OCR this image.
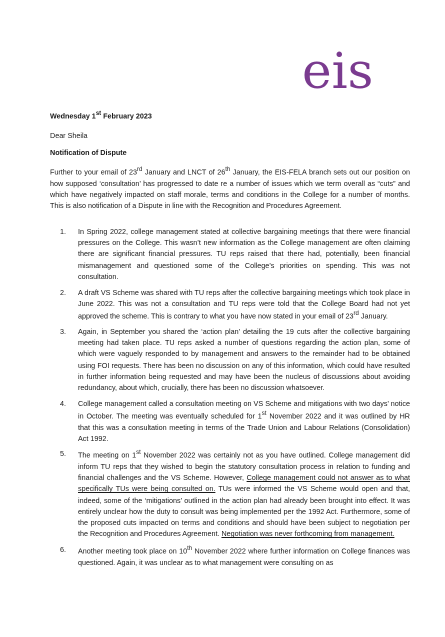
eis
Wednesday 1st February 2023
Dear Sheila
Notification of Dispute

Further to your email of 23rd January and LNCT of 26th January, the EIS-FELA branch sets out our position on how supposed ‘consultation’ has progressed to date re a number of issues which we term overall as “cuts” and which have negatively impacted on staff morale, terms and conditions in the College for a number of months. This is also notification of a Dispute in line with the Recognition and Procedures Agreement.

1. In Spring 2022, college management stated at collective bargaining meetings that there were financial pressures on the College. This wasn’t new information as the College management are often claiming there are significant financial pressures. TU reps raised that there had, potentially, been financial mismanagement and questioned some of the College’s priorities on spending. This was not consultation.
2. A draft VS Scheme was shared with TU reps after the collective bargaining meetings which took place in June 2022. This was not a consultation and TU reps were told that the College Board had not yet approved the scheme. This is contrary to what you have now stated in your email of 23rd January.
3. Again, in September you shared the ‘action plan’ detailing the 19 cuts after the collective bargaining meeting had taken place. TU reps asked a number of questions regarding the action plan, some of which were vaguely responded to by management and answers to the remainder had to be obtained using FOI requests. There has been no discussion on any of this information, which could have resulted in further information being requested and may have been the nucleus of discussions about avoiding redundancy, about which, crucially, there has been no discussion whatsoever.
4. College management called a consultation meeting on VS Scheme and mitigations with two days’ notice in October. The meeting was eventually scheduled for 1st November 2022 and it was outlined by HR that this was a consultation meeting in terms of the Trade Union and Labour Relations (Consolidation) Act 1992.
5. The meeting on 1st November 2022 was certainly not as you have outlined. College management did inform TU reps that they wished to begin the statutory consultation process in relation to funding and financial challenges and the VS Scheme. However, College management could not answer as to what specifically TUs were being consulted on. TUs were informed the VS Scheme would open and that, indeed, some of the ‘mitigations’ outlined in the action plan had already been brought into effect. It was entirely unclear how the duty to consult was being implemented per the 1992 Act. Furthermore, some of the proposed cuts impacted on terms and conditions and should have been subject to negotiation per the Recognition and Procedures Agreement. Negotiation was never forthcoming from management.
6. Another meeting took place on 10th November 2022 where further information on College finances was questioned. Again, it was unclear as to what management were consulting on as
